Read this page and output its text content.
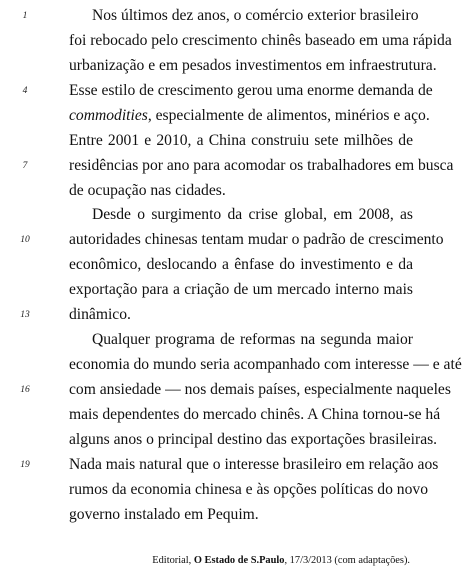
1
4
7
10
13
16
19
Nos últimos dez anos, o comércio exterior brasileiro
foi rebocado pelo crescimento chinês baseado em uma rápida
urbanização e em pesados investimentos em infraestrutura.
Esse estilo de crescimento gerou uma enorme demanda de
commodities, especialmente de alimentos, minérios e aço.
Entre 2001 e 2010, a China construiu sete milhões de
residências por ano para acomodar os trabalhadores em busca
de ocupação nas cidades.
Desde o surgimento da crise global, em 2008, as
autoridades chinesas tentam mudar o padrão de crescimento
econômico, deslocando a ênfase do investimento e da
exportação para a criação de um mercado interno mais
dinâmico.
Qualquer programa de reformas na segunda maior
economia do mundo seria acompanhado com interesse — e até
com ansiedade — nos demais países, especialmente naqueles
mais dependentes do mercado chinês. A China tornou-se há
alguns anos o principal destino das exportações brasileiras.
Nada mais natural que o interesse brasileiro em relação aos
rumos da economia chinesa e às opções políticas do novo
governo instalado em Pequim.
Editorial, O Estado de S.Paulo, 17/3/2013 (com adaptações).
